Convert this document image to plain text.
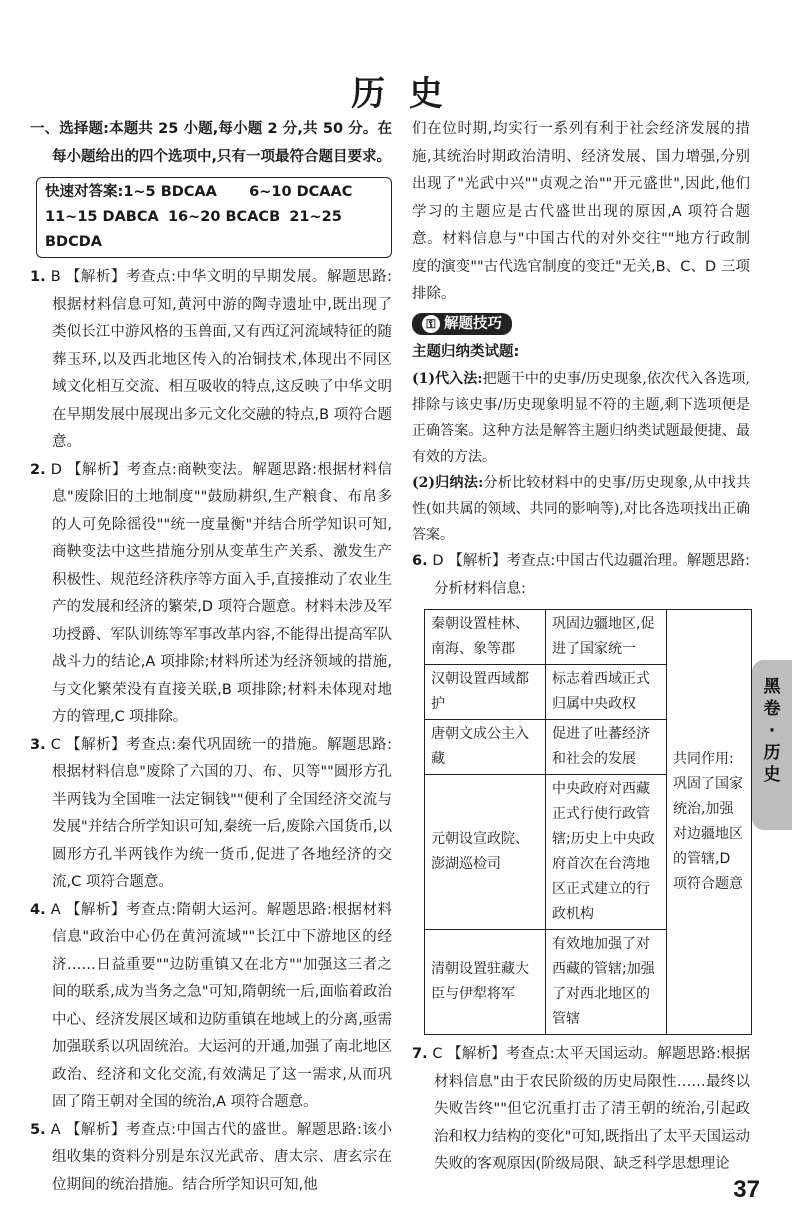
历 史

一、选择题:本题共 25 小题,每小题 2 分,共 50 分。在每小题给出的四个选项中,只有一项最符合题目要求。

快速对答案:1~5 BDCAA 6~10 DCAAC
11~15 DABCA 16~20 BCACB 21~25 BDCDA

1. B 【解析】考查点:中华文明的早期发展。解题思路:根据材料信息可知,黄河中游的陶寺遗址中,既出现了类似长江中游风格的玉兽面,又有西辽河流域特征的随葬玉环,以及西北地区传入的冶铜技术,体现出不同区域文化相互交流、相互吸收的特点,这反映了中华文明在早期发展中展现出多元文化交融的特点,B 项符合题意。

2. D 【解析】考查点:商鞅变法。解题思路:根据材料信息"废除旧的土地制度""鼓励耕织,生产粮食、布帛多的人可免除徭役""统一度量衡"并结合所学知识可知,商鞅变法中这些措施分别从变革生产关系、激发生产积极性、规范经济秩序等方面入手,直接推动了农业生产的发展和经济的繁荣,D 项符合题意。材料未涉及军功授爵、军队训练等军事改革内容,不能得出提高军队战斗力的结论,A 项排除;材料所述为经济领域的措施,与文化繁荣没有直接关联,B 项排除;材料未体现对地方的管理,C 项排除。

3. C 【解析】考查点:秦代巩固统一的措施。解题思路:根据材料信息"废除了六国的刀、布、贝等""圆形方孔半两钱为全国唯一法定铜钱""便利了全国经济交流与发展"并结合所学知识可知,秦统一后,废除六国货币,以圆形方孔半两钱作为统一货币,促进了各地经济的交流,C 项符合题意。

4. A 【解析】考查点:隋朝大运河。解题思路:根据材料信息"政治中心仍在黄河流域""长江中下游地区的经济……日益重要""边防重镇又在北方""加强这三者之间的联系,成为当务之急"可知,隋朝统一后,面临着政治中心、经济发展区域和边防重镇在地域上的分离,亟需加强联系以巩固统治。大运河的开通,加强了南北地区政治、经济和文化交流,有效满足了这一需求,从而巩固了隋王朝对全国的统治,A 项符合题意。

5. A 【解析】考查点:中国古代的盛世。解题思路:该小组收集的资料分别是东汉光武帝、唐太宗、唐玄宗在位期间的统治措施。结合所学知识可知,他

们在位时期,均实行一系列有利于社会经济发展的措施,其统治时期政治清明、经济发展、国力增强,分别出现了"光武中兴""贞观之治""开元盛世",因此,他们学习的主题应是古代盛世出现的原因,A 项符合题意。材料信息与"中国古代的对外交往""地方行政制度的演变""古代选官制度的变迁"无关,B、C、D 三项排除。

⚿ 解题技巧

主题归纳类试题:

(1)代入法:把题干中的史事/历史现象,依次代入各选项,排除与该史事/历史现象明显不符的主题,剩下选项便是正确答案。这种方法是解答主题归纳类试题最便捷、最有效的方法。

(2)归纳法:分析比较材料中的史事/历史现象,从中找共性(如共属的领域、共同的影响等),对比各选项找出正确答案。

6. D 【解析】考查点:中国古代边疆治理。解题思路:分析材料信息:

秦朝设置桂林、南海、象等郡	巩固边疆地区,促进了国家统一	共同作用:巩固了国家统治,加强对边疆地区的管辖,D 项符合题意
汉朝设置西域都护	标志着西域正式归属中央政权	
唐朝文成公主入藏	促进了吐蕃经济和社会的发展	
元朝设宣政院、澎湖巡检司	中央政府对西藏正式行使行政管辖;历史上中央政府首次在台湾地区正式建立的行政机构	
清朝设置驻藏大臣与伊犁将军	有效地加强了对西藏的管辖;加强了对西北地区的管辖	

7. C 【解析】考查点:太平天国运动。解题思路:根据材料信息"由于农民阶级的历史局限性……最终以失败告终""但它沉重打击了清王朝的统治,引起政治和权力结构的变化"可知,既指出了太平天国运动失败的客观原因(阶级局限、缺乏科学思想理论

黑
卷
·
历
史
37
